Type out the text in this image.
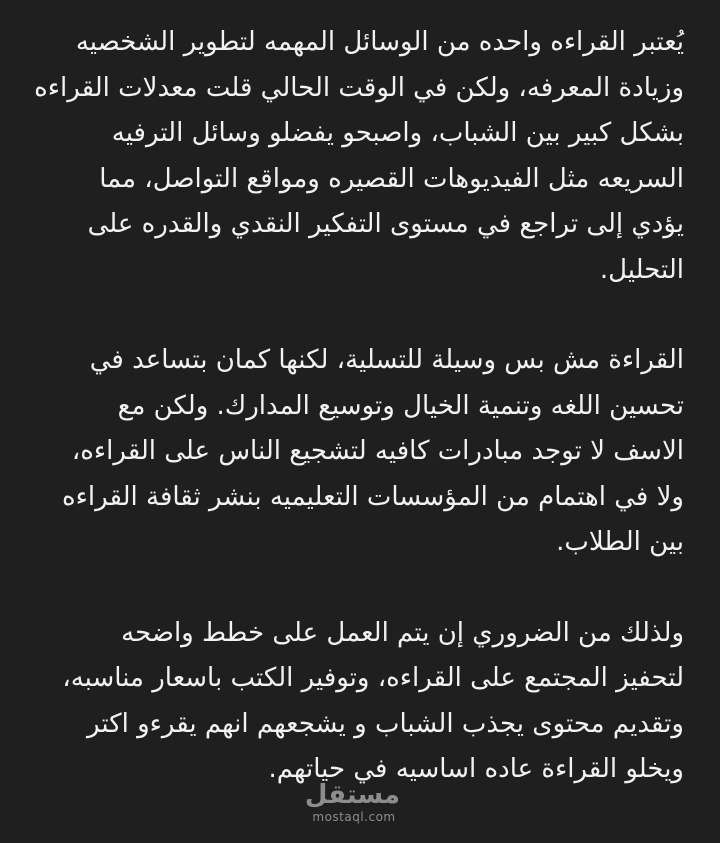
يُعتبر القراءه واحده من الوسائل المهمه لتطوير الشخصيه
وزيادة المعرفه، ولكن في الوقت الحالي قلت معدلات القراءه
بشكل كبير بين الشباب، واصبحو يفضلو وسائل الترفيه
السريعه مثل الفيديوهات القصيره ومواقع التواصل، مما
يؤدي إلى تراجع في مستوى التفكير النقدي والقدره على
التحليل.

القراءة مش بس وسيلة للتسلية، لكنها كمان بتساعد في
تحسين اللغه وتنمية الخيال وتوسيع المدارك. ولكن مع
الاسف لا توجد مبادرات كافيه لتشجيع الناس على القراءه،
ولا في اهتمام من المؤسسات التعليميه بنشر ثقافة القراءه
بين الطلاب.

ولذلك من الضروري إن يتم العمل على خطط واضحه
لتحفيز المجتمع على القراءه، وتوفير الكتب باسعار مناسبه،
وتقديم محتوى يجذب الشباب و يشجعهم انهم يقرءو اكتر
ويخلو القراءة عاده اساسيه في حياتهم.

مستقل
mostaql.com
